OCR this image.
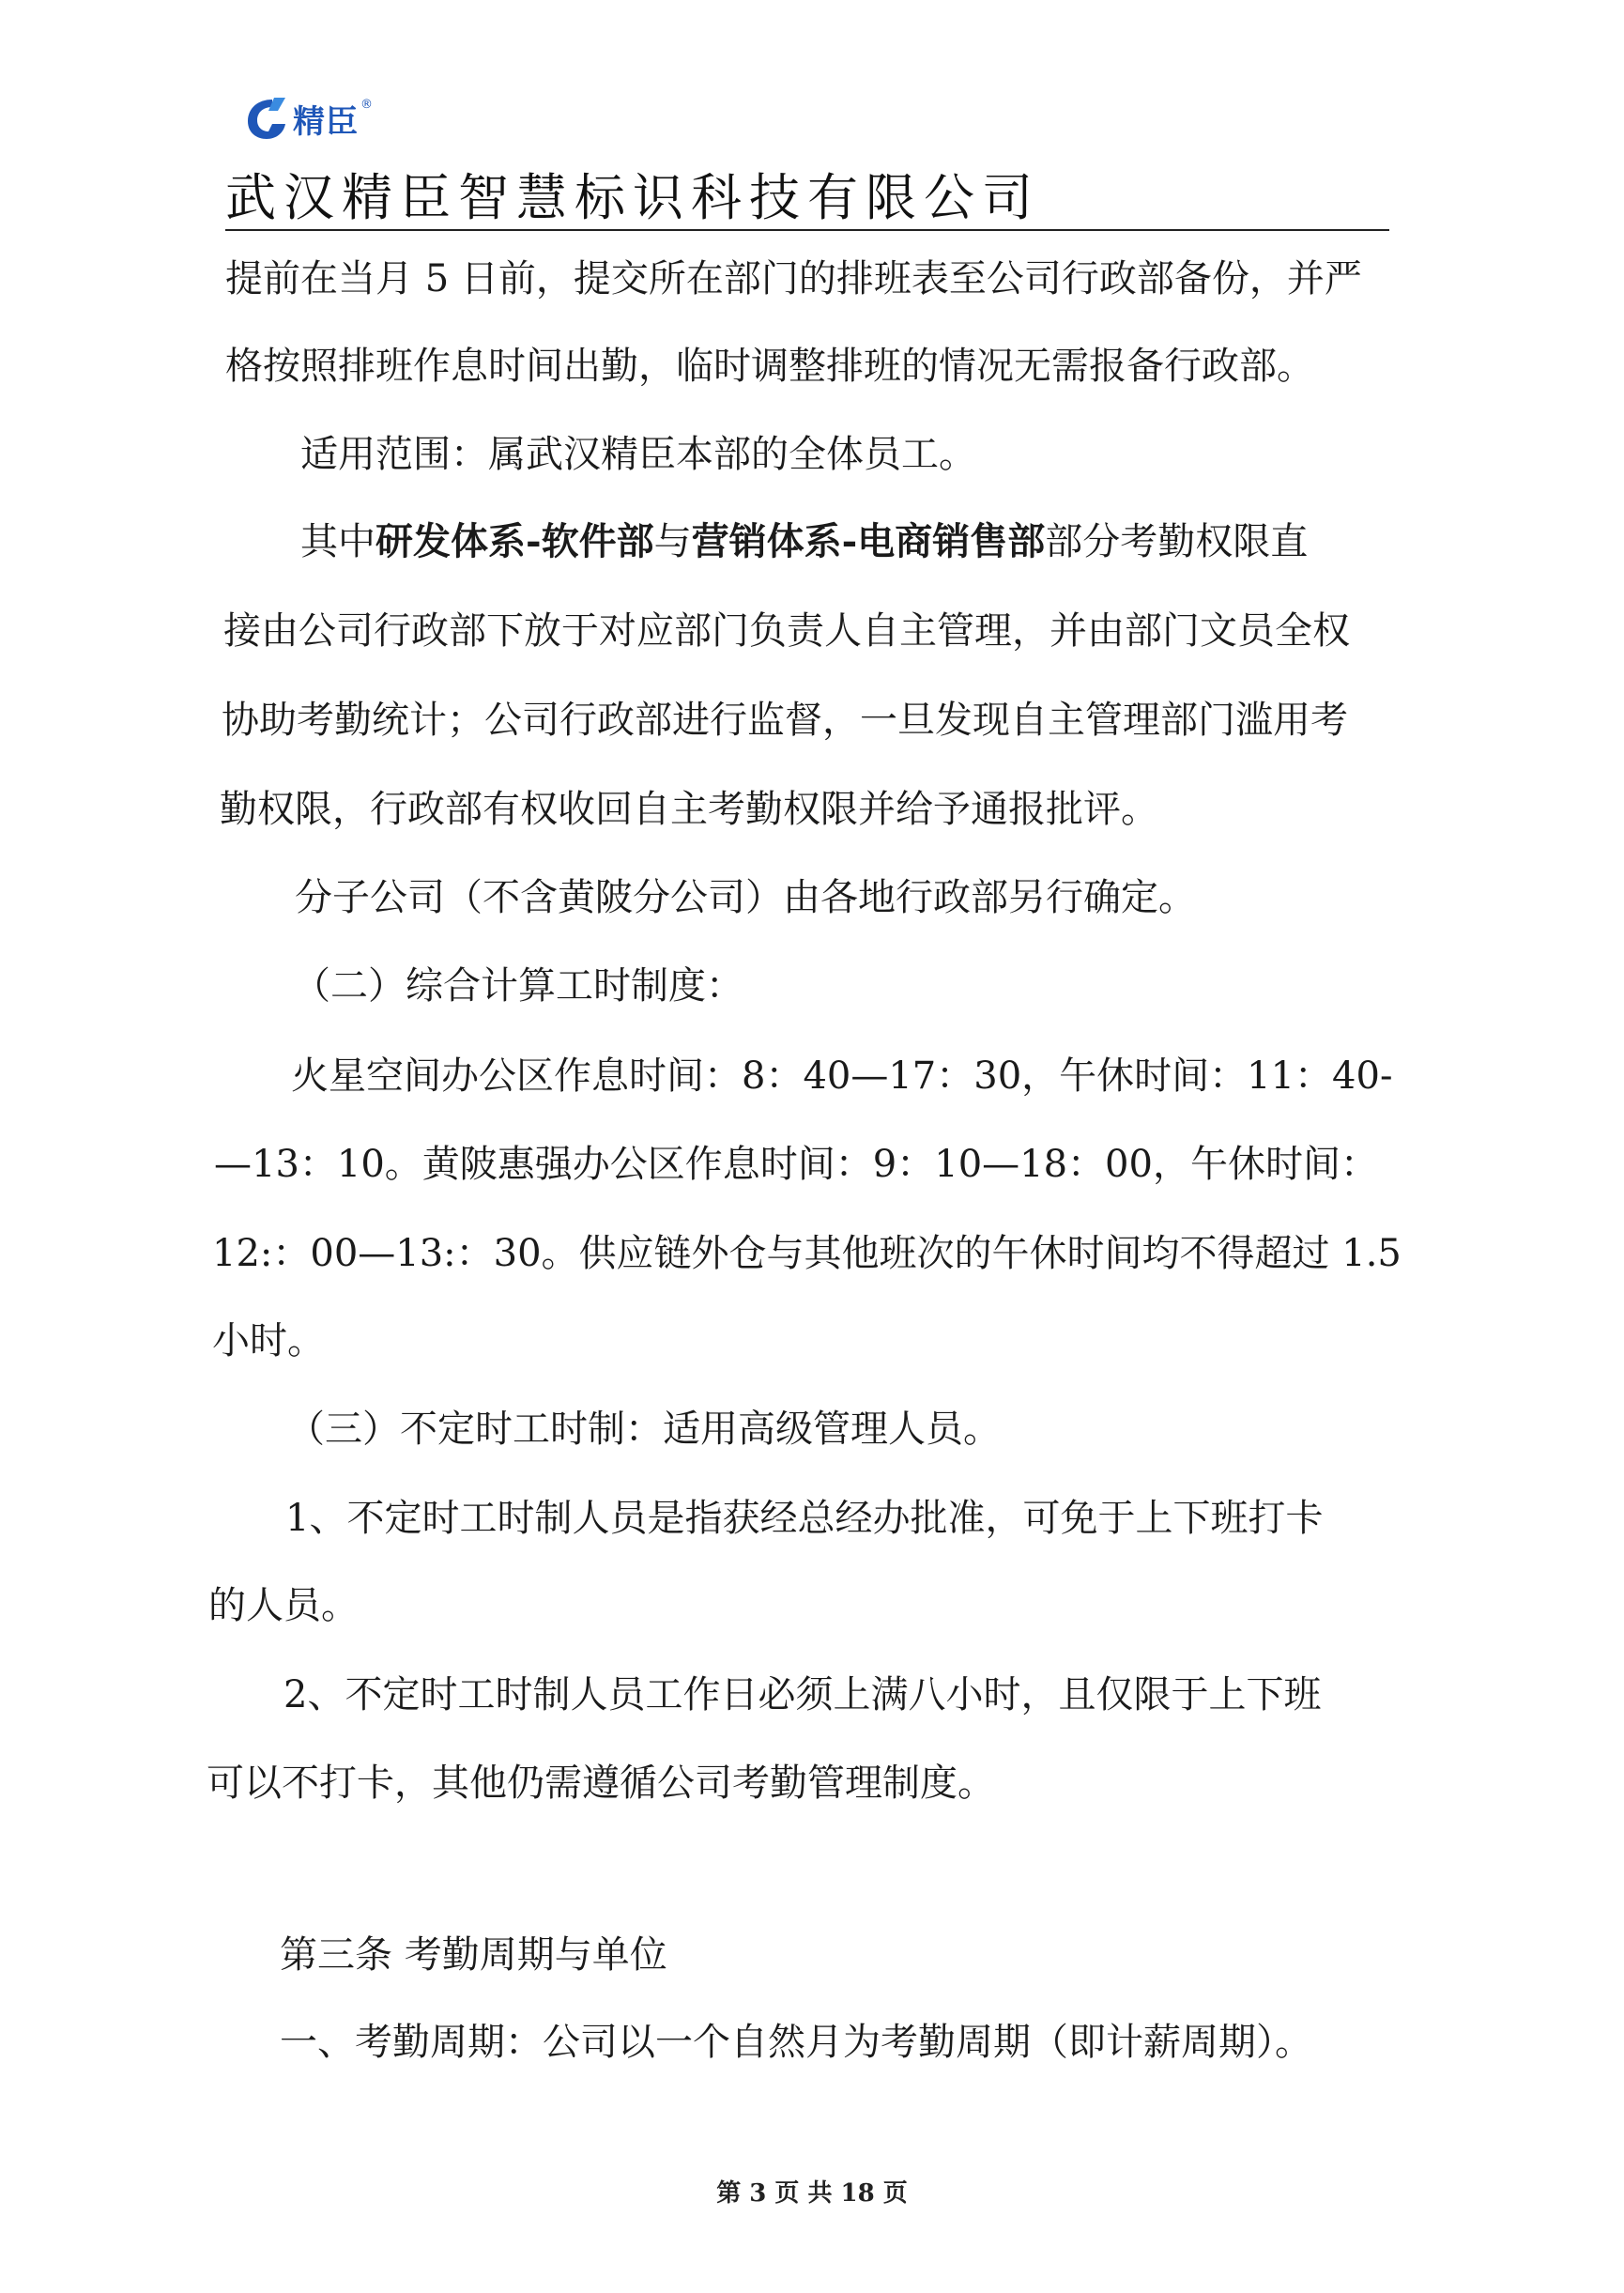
精臣 ®
武汉精臣智慧标识科技有限公司
提前在当月 5 日前，提交所在部门的排班表至公司行政部备份，并严
格按照排班作息时间出勤，临时调整排班的情况无需报备行政部。
适用范围：属武汉精臣本部的全体员工。
其中研发体系-软件部与营销体系-电商销售部部分考勤权限直
接由公司行政部下放于对应部门负责人自主管理，并由部门文员全权
协助考勤统计；公司行政部进行监督，一旦发现自主管理部门滥用考
勤权限，行政部有权收回自主考勤权限并给予通报批评。
分子公司（不含黄陂分公司）由各地行政部另行确定。
（二）综合计算工时制度：
火星空间办公区作息时间：8：40—17：30，午休时间：11：40-
—13：10。黄陂惠强办公区作息时间：9：10—18：00，午休时间：
12:：00—13:：30。供应链外仓与其他班次的午休时间均不得超过 1.5
小时。
（三）不定时工时制：适用高级管理人员。
1、不定时工时制人员是指获经总经办批准，可免于上下班打卡
的人员。
2、不定时工时制人员工作日必须上满八小时，且仅限于上下班
可以不打卡，其他仍需遵循公司考勤管理制度。
第三条 考勤周期与单位
一、考勤周期：公司以一个自然月为考勤周期（即计薪周期）。
第 3 页 共 18 页
